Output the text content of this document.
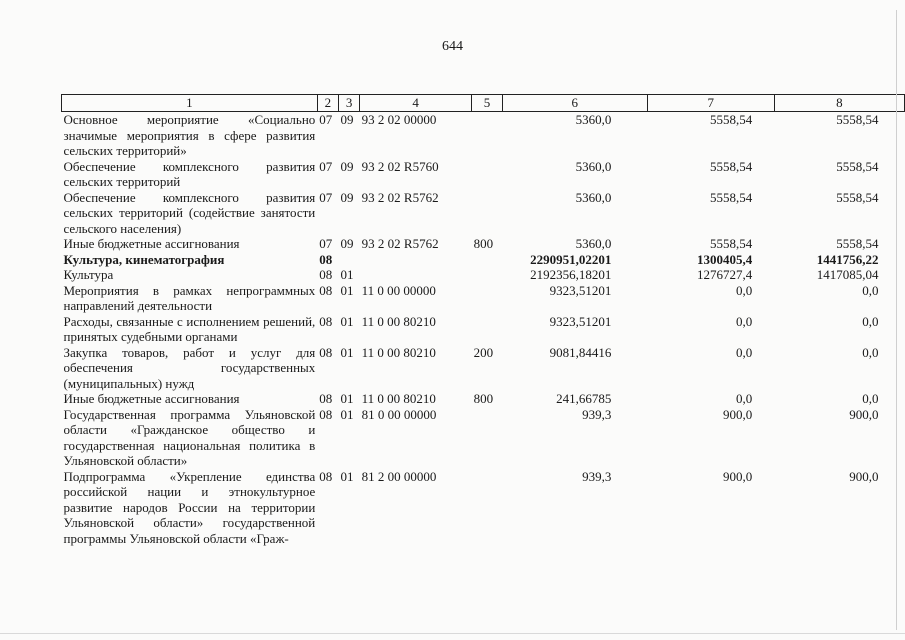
644
1	2	3	4	5	6	7	8
Основное мероприятие «Социально значимые мероприятия в сфере развития сельских территорий»	07	09	93 2 02 00000		5360,0	5558,54	5558,54
Обеспечение комплексного развития сельских территорий	07	09	93 2 02 R5760		5360,0	5558,54	5558,54
Обеспечение комплексного развития сельских территорий (содействие занятости сельского населения)	07	09	93 2 02 R5762		5360,0	5558,54	5558,54
Иные бюджетные ассигнования	07	09	93 2 02 R5762	800	5360,0	5558,54	5558,54
Культура, кинематография	08				2290951,02201	1300405,4	1441756,22
Культура	08	01			2192356,18201	1276727,4	1417085,04
Мероприятия в рамках непрограммных направлений деятельности	08	01	11 0 00 00000		9323,51201	0,0	0,0
Расходы, связанные с исполнением решений, принятых судебными органами	08	01	11 0 00 80210		9323,51201	0,0	0,0
Закупка товаров, работ и услуг для обеспечения государственных (муниципальных) нужд	08	01	11 0 00 80210	200	9081,84416	0,0	0,0
Иные бюджетные ассигнования	08	01	11 0 00 80210	800	241,66785	0,0	0,0
Государственная программа Ульяновской области «Гражданское общество и государственная национальная политика в Ульяновской области»	08	01	81 0 00 00000		939,3	900,0	900,0
Подпрограмма «Укрепление единства российской нации и этнокультурное развитие народов России на территории Ульяновской области» государственной программы Ульяновской области «Граж-	08	01	81 2 00 00000		939,3	900,0	900,0
